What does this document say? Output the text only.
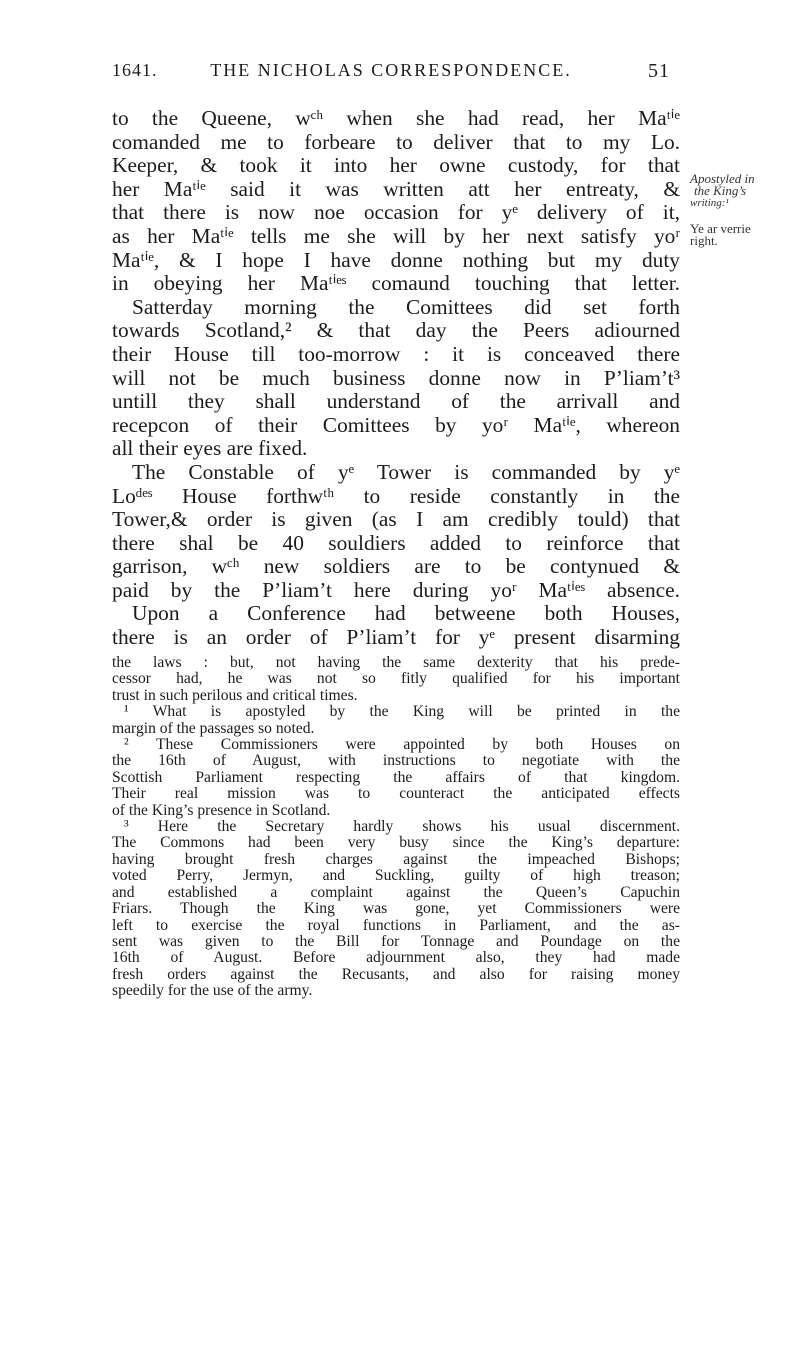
1641.	THE NICHOLAS CORRESPONDENCE.	51
to the Queene, wᶜʰ when she had read, her Maᵗⁱᵉ
comanded me to forbeare to deliver that to my Lo.
Keeper, & took it into her owne custody, for that
her Maᵗⁱᵉ said it was written att her entreaty, &
that there is now noe occasion for yᵉ delivery of it,
as her Maᵗⁱᵉ tells me she will by her next satisfy yoʳ
Maᵗⁱᵉ, & I hope I have donne nothing but my duty
in obeying her Maᵗⁱᵉˢ comaund touching that letter.
Satterday morning the Comittees did set forth
towards Scotland,² & that day the Peers adiourned
their House till too-morrow : it is conceaved there
will not be much business donne now in P’liam’t³
untill they shall understand of the arrivall and
recepcon of their Comittees by yoʳ Maᵗⁱᵉ, whereon
all their eyes are fixed.
The Constable of yᵉ Tower is commanded by yᵉ
Loᵈᵉˢ House forthwᵗʰ to reside constantly in the
Tower,& order is given (as I am credibly tould) that
there shal be 40 souldiers added to reinforce that
garrison, wᶜʰ new soldiers are to be contynued &
paid by the P’liam’t here during yoʳ Maᵗⁱᵉˢ absence.
Upon a Conference had betweene both Houses,
there is an order of P’liam’t for yᵉ present disarming
Apostyled in
the King’s
writing:¹
Ye ar verrie
right.
the laws : but, not having the same dexterity that his prede-
cessor had, he was not so fitly qualified for his important
trust in such perilous and critical times.
¹ What is apostyled by the King will be printed in the
margin of the passages so noted.
² These Commissioners were appointed by both Houses on
the 16th of August, with instructions to negotiate with the
Scottish Parliament respecting the affairs of that kingdom.
Their real mission was to counteract the anticipated effects
of the King’s presence in Scotland.
³ Here the Secretary hardly shows his usual discernment.
The Commons had been very busy since the King’s departure:
having brought fresh charges against the impeached Bishops;
voted Perry, Jermyn, and Suckling, guilty of high treason;
and established a complaint against the Queen’s Capuchin
Friars. Though the King was gone, yet Commissioners were
left to exercise the royal functions in Parliament, and the as-
sent was given to the Bill for Tonnage and Poundage on the
16th of August. Before adjournment also, they had made
fresh orders against the Recusants, and also for raising money
speedily for the use of the army.
